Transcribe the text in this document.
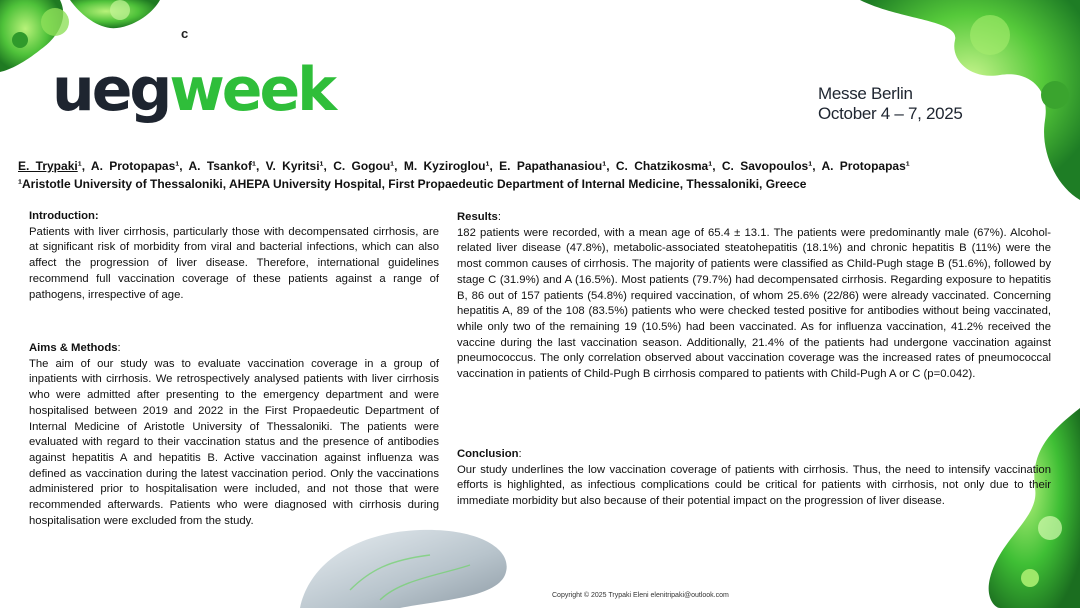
c
uegweek	Messe Berlin
October 4 – 7, 2025
E. Trypaki¹, A. Protopapas¹, A. Tsankof¹, V. Kyritsi¹, C. Gogou¹, M. Kyziroglou¹, E. Papathanasiou¹, C. Chatzikosma¹, C. Savopoulos¹, A. Protopapas¹
¹Aristotle University of Thessaloniki, AHEPA University Hospital, First Propaedeutic Department of Internal Medicine, Thessaloniki, Greece
Introduction:

Patients with liver cirrhosis, particularly those with decompensated cirrhosis, are at significant risk of morbidity from viral and bacterial infections, which can also affect the progression of liver disease. Therefore, international guidelines recommend full vaccination coverage of these patients against a range of pathogens, irrespective of age.

Aims & Methods:

The aim of our study was to evaluate vaccination coverage in a group of inpatients with cirrhosis. We retrospectively analysed patients with liver cirrhosis who were admitted after presenting to the emergency department and were hospitalised between 2019 and 2022 in the First Propaedeutic Department of Internal Medicine of Aristotle University of Thessaloniki. The patients were evaluated with regard to their vaccination status and the presence of antibodies against hepatitis A and hepatitis B. Active vaccination against influenza was defined as vaccination during the latest vaccination period. Only the vaccinations administered prior to hospitalisation were included, and not those that were recommended afterwards. Patients who were diagnosed with cirrhosis during hospitalisation were excluded from the study.

Results:

182 patients were recorded, with a mean age of 65.4 ± 13.1. The patients were predominantly male (67%). Alcohol-related liver disease (47.8%), metabolic-associated steatohepatitis (18.1%) and chronic hepatitis B (11%) were the most common causes of cirrhosis. The majority of patients were classified as Child-Pugh stage B (51.6%), followed by stage C (31.9%) and A (16.5%). Most patients (79.7%) had decompensated cirrhosis. Regarding exposure to hepatitis B, 86 out of 157 patients (54.8%) required vaccination, of whom 25.6% (22/86) were already vaccinated. Concerning hepatitis A, 89 of the 108 (83.5%) patients who were checked tested positive for antibodies without being vaccinated, while only two of the remaining 19 (10.5%) had been vaccinated. As for influenza vaccination, 41.2% received the vaccine during the last vaccination season. Additionally, 21.4% of the patients had undergone vaccination against pneumococcus. The only correlation observed about vaccination coverage was the increased rates of pneumococcal vaccination in patients of Child-Pugh B cirrhosis compared to patients with Child-Pugh A or C (p=0.042).

Conclusion:

Our study underlines the low vaccination coverage of patients with cirrhosis. Thus, the need to intensify vaccination efforts is highlighted, as infectious complications could be critical for patients with cirrhosis, not only due to their immediate morbidity but also because of their potential impact on the progression of liver disease.

Copyright © 2025 Trypaki Eleni elenitripaki@outlook.com
